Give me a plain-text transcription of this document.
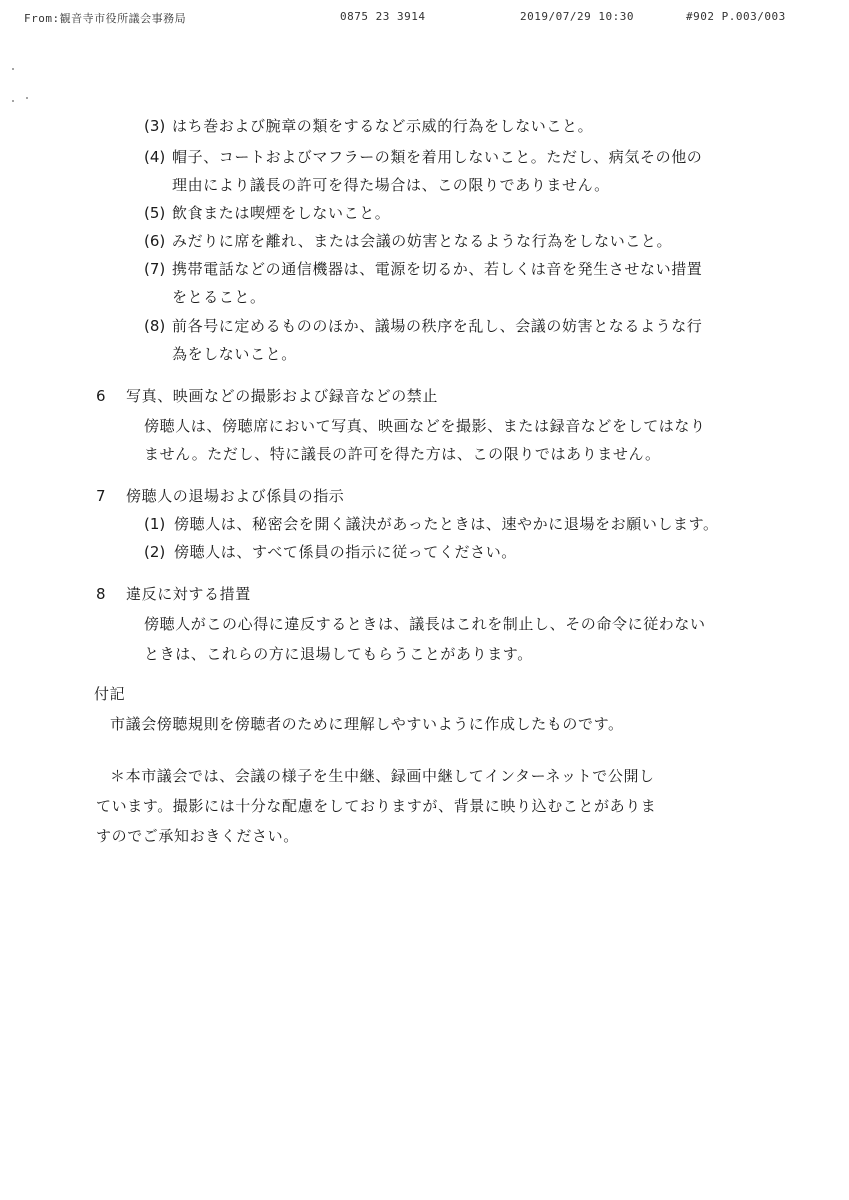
From:観音寺市役所議会事務局	0875 23 3914	2019/07/29 10:30	#902 P.003/003
(3) はち巻および腕章の類をするなど示威的行為をしないこと。
(4) 帽子、コートおよびマフラーの類を着用しないこと。ただし、病気その他の
理由により議長の許可を得た場合は、この限りでありません。
(5) 飲食または喫煙をしないこと。
(6) みだりに席を離れ、または会議の妨害となるような行為をしないこと。
(7) 携帯電話などの通信機器は、電源を切るか、若しくは音を発生させない措置
をとること。
(8) 前各号に定めるもののほか、議場の秩序を乱し、会議の妨害となるような行
為をしないこと。
6 写真、映画などの撮影および録音などの禁止
傍聴人は、傍聴席において写真、映画などを撮影、または録音などをしてはなり
ません。ただし、特に議長の許可を得た方は、この限りではありません。
7 傍聴人の退場および係員の指示
(1) 傍聴人は、秘密会を開く議決があったときは、速やかに退場をお願いします。
(2) 傍聴人は、すべて係員の指示に従ってください。
8 違反に対する措置
傍聴人がこの心得に違反するときは、議長はこれを制止し、その命令に従わない
ときは、これらの方に退場してもらうことがあります。
付記
市議会傍聴規則を傍聴者のために理解しやすいように作成したものです。
＊本市議会では、会議の様子を生中継、録画中継してインターネットで公開し
ています。撮影には十分な配慮をしておりますが、背景に映り込むことがありま
すのでご承知おきください。
